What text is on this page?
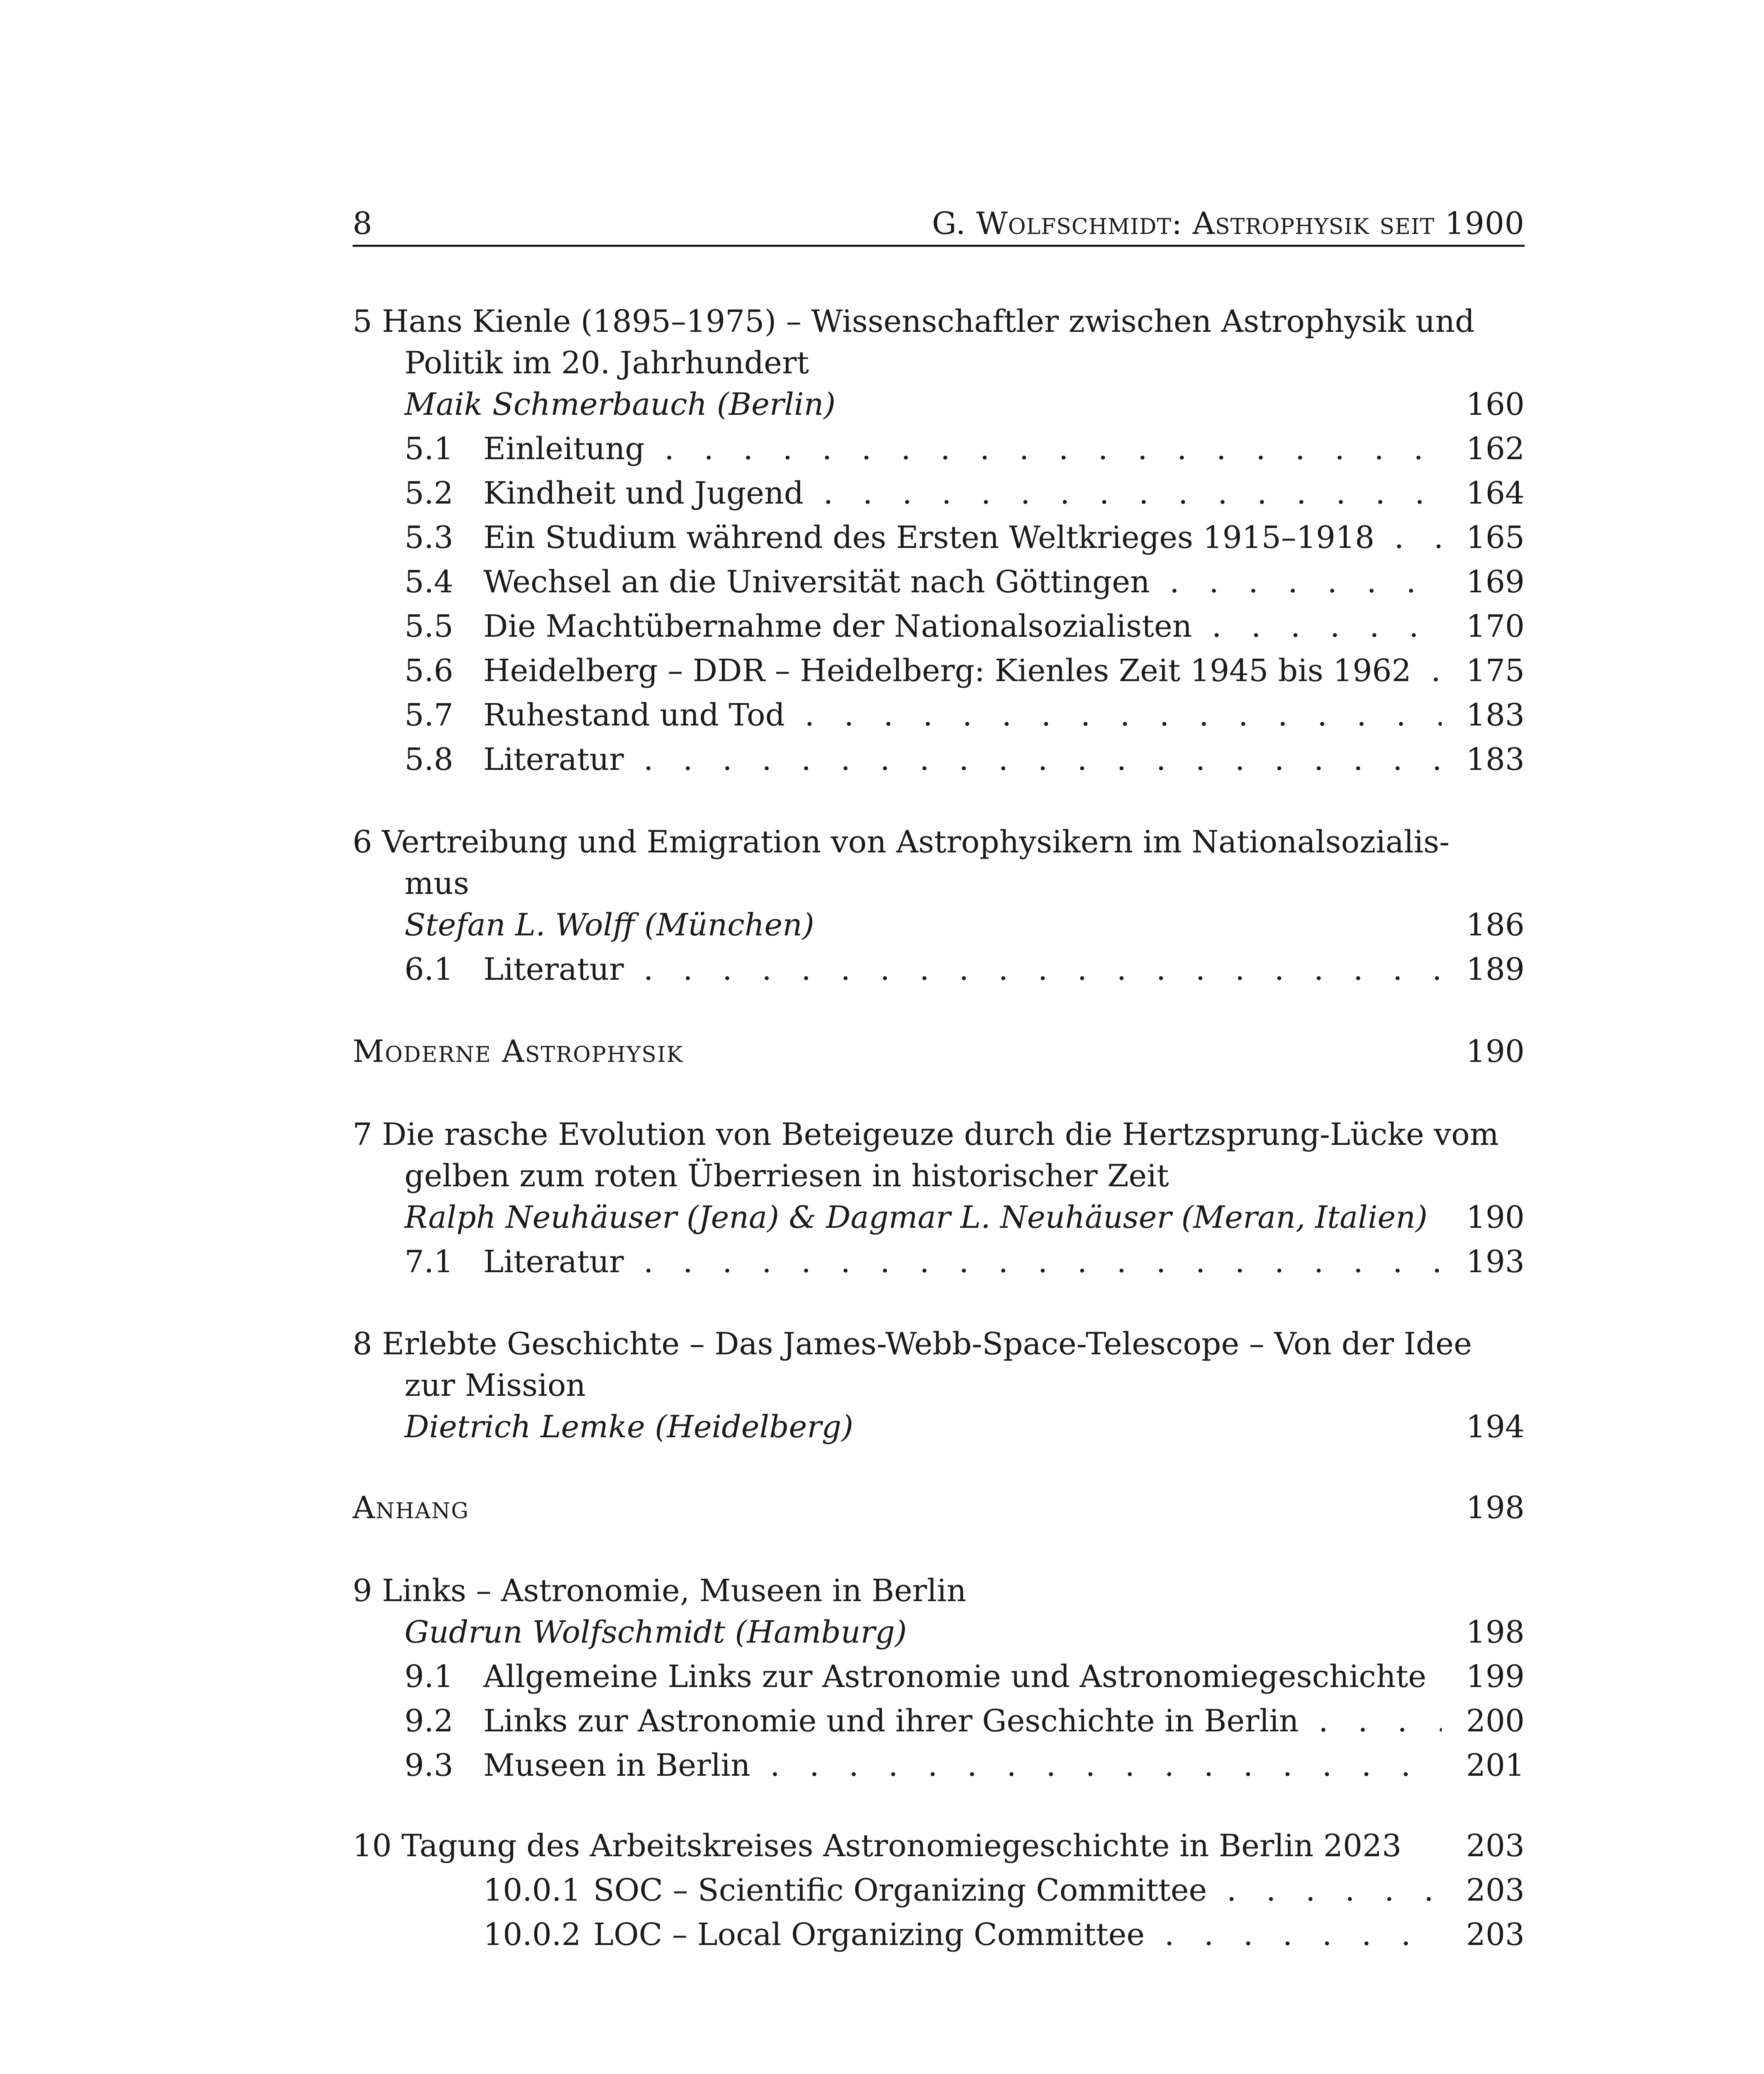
8	G. Wolfschmidt: Astrophysik seit 1900
5 Hans Kienle (1895–1975) – Wissenschaftler zwischen Astrophysik und
Politik im 20. Jahrhundert
Maik Schmerbauch (Berlin)	160
5.1 Einleitung . . .	162
5.2 Kindheit und Jugend . . .	164
5.3 Ein Studium während des Ersten Weltkrieges 1915–1918 . . .	165
5.4 Wechsel an die Universität nach Göttingen . . .	169
5.5 Die Machtübernahme der Nationalsozialisten . . .	170
5.6 Heidelberg – DDR – Heidelberg: Kienles Zeit 1945 bis 1962 . . .	175
5.7 Ruhestand und Tod . . .	183
5.8 Literatur . . .	183
6 Vertreibung und Emigration von Astrophysikern im Nationalsozialis-
mus
Stefan L. Wolff (München)	186
6.1 Literatur . . .	189
Moderne Astrophysik	190
7 Die rasche Evolution von Beteigeuze durch die Hertzsprung-Lücke vom
gelben zum roten Überriesen in historischer Zeit
Ralph Neuhäuser (Jena) & Dagmar L. Neuhäuser (Meran, Italien) 190
7.1 Literatur . . .	193
8 Erlebte Geschichte – Das James-Webb-Space-Telescope – Von der Idee
zur Mission
Dietrich Lemke (Heidelberg)	194
Anhang	198
9 Links – Astronomie, Museen in Berlin
Gudrun Wolfschmidt (Hamburg)	198
9.1 Allgemeine Links zur Astronomie und Astronomiegeschichte . . .	199
9.2 Links zur Astronomie und ihrer Geschichte in Berlin . . .	200
9.3 Museen in Berlin . . .	201
10 Tagung des Arbeitskreises Astronomiegeschichte in Berlin 2023 203
10.0.1 SOC – Scientific Organizing Committee . . .	203
10.0.2 LOC – Local Organizing Committee . . .	203
